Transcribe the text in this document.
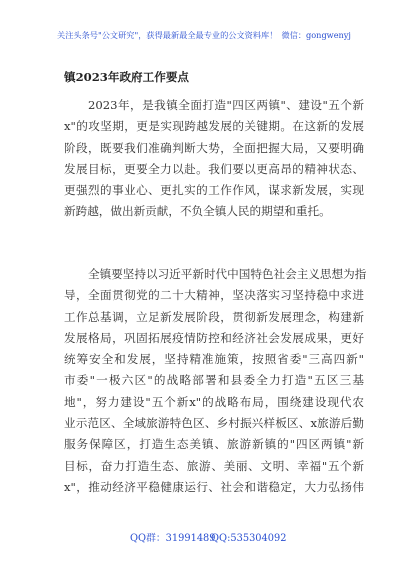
关注头条号"公文研究"，获得最新最全最专业的公文资料库！ 微信：gongwenyj
镇2023年政府工作要点
2023年，是我镇全面打造"四区两镇"、建设"五个新
x"的攻坚期，更是实现跨越发展的关键期。在这新的发展
阶段，既要我们准确判断大势，全面把握大局，又要明确
发展目标，更要全力以赴。我们要以更高昂的精神状态、
更强烈的事业心、更扎实的工作作风，谋求新发展，实现
新跨越，做出新贡献，不负全镇人民的期望和重托。
全镇要坚持以习近平新时代中国特色社会主义思想为指
导，全面贯彻党的二十大精神，坚决落实习坚持稳中求进
工作总基调，立足新发展阶段，贯彻新发展理念，构建新
发展格局，巩固拓展疫情防控和经济社会发展成果，更好
统筹安全和发展，坚持精准施策，按照省委"三高四新"
市委"一极六区"的战略部署和县委全力打造"五区三基
地"，努力建设"五个新x"的战略布局，围绕建设现代农
业示范区、全域旅游特色区、乡村振兴样板区、x旅游后勤
服务保障区，打造生态美镇、旅游新镇的"四区两镇"新
目标，奋力打造生态、旅游、美丽、文明、幸福"五个新
x"，推动经济平稳健康运行、社会和谐稳定，大力弘扬伟
QQ群：31991489
QQ:535304092
